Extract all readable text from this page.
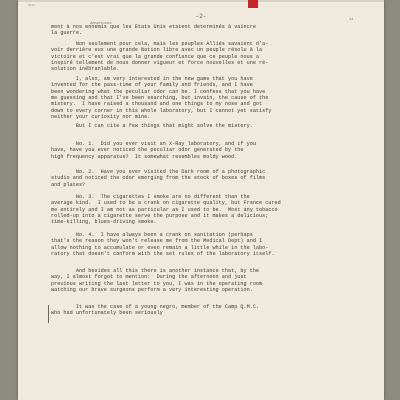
1111
-2-	11
Americans
ment à nos ennemis que les Etats Unis etaient determinés à vaincre
la guerre.
Non seulement pour cela, mais les peuples Alliés savaient d'a-
voir derrière eux une grande Nation libre avec un peuple résolu à la
victoire et c'est vrai que la grande confiance que ce peuple nous a
inspiré tellement de nous donner vigueur et force nouvelles et une ré-
solution inébranlable.
I, also, am very interested in the new game that you have
invented for the pass-time of your family and friends, and I have
been wondering what the peculiar odor can be. I confess that you have
me guessing and that I've been searching, but invain, the cause of the
mistery.  I have raised a thousand and one things to my nose and got
down to every corner in this whole laboratory, but I cannot yet satisfy
neither your curiosity nor mine.
But I can cite a few things that might solve the mistery.
No. 1.  Did you ever visit an X-Ray laboratory, and if you
have, have you ever noticed the peculiar odor generated by the
high frequency apparatus?  It somewhat resembles moldy wood.
No. 2.  Have you ever visited the Dark room of a photographic
studio and noticed the odor emerging from the stock of boxes of films
and plates?
No. 3.  The cigarettes I smoke are no different than the
average kind.  I used to be a crank on cigarette quality, but France cured
me entirely and I am not as particular as I used to be.  Most any tobacco
rolled-up into a cigarette serve the purpose and it makes a delicious;
time-killing, blues-driving smoke.
No. 4.  I have always been a crank on sanitation (perhaps
that's the reason they won't release me from the Medical Dept) and I
allow nothing to accumulate or even remain a little while in the labo-
ratory that doesn't conform with the set rules of the laboratory itself.
And besides all this there is another instance that, by the
way, I almost forgot to mention:  During the afternoon and just
previous writing the last letter to you, I was in the operating room
watching our brave surgeons perform a very interesting operation.
It was the case of a young negro, member of the Camp Q.M.C.
who had unfortunately been seriously
